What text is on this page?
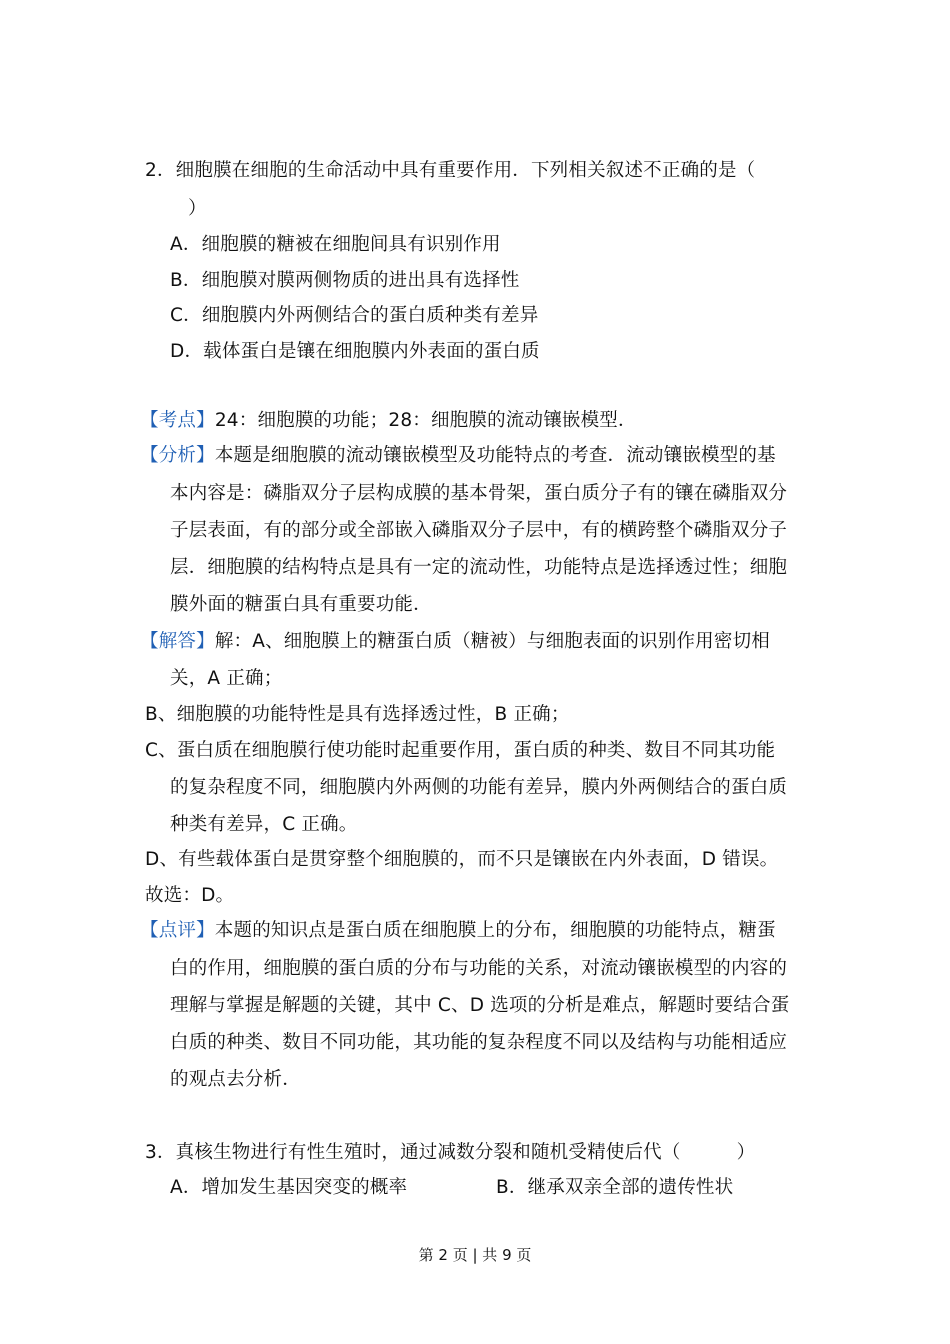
2．细胞膜在细胞的生命活动中具有重要作用．下列相关叙述不正确的是（
）
A．细胞膜的糖被在细胞间具有识别作用
B．细胞膜对膜两侧物质的进出具有选择性
C．细胞膜内外两侧结合的蛋白质种类有差异
D．载体蛋白是镶在细胞膜内外表面的蛋白质
【考点】24：细胞膜的功能；28：细胞膜的流动镶嵌模型．
【分析】本题是细胞膜的流动镶嵌模型及功能特点的考查．流动镶嵌模型的基
本内容是：磷脂双分子层构成膜的基本骨架，蛋白质分子有的镶在磷脂双分
子层表面，有的部分或全部嵌入磷脂双分子层中，有的横跨整个磷脂双分子
层．细胞膜的结构特点是具有一定的流动性，功能特点是选择透过性；细胞
膜外面的糖蛋白具有重要功能．
【解答】解：A、细胞膜上的糖蛋白质（糖被）与细胞表面的识别作用密切相
关，A 正确；
B、细胞膜的功能特性是具有选择透过性，B 正确；
C、蛋白质在细胞膜行使功能时起重要作用，蛋白质的种类、数目不同其功能
的复杂程度不同，细胞膜内外两侧的功能有差异，膜内外两侧结合的蛋白质
种类有差异，C 正确。
D、有些载体蛋白是贯穿整个细胞膜的，而不只是镶嵌在内外表面，D 错误。
故选：D。
【点评】本题的知识点是蛋白质在细胞膜上的分布，细胞膜的功能特点，糖蛋
白的作用，细胞膜的蛋白质的分布与功能的关系，对流动镶嵌模型的内容的
理解与掌握是解题的关键，其中 C、D 选项的分析是难点，解题时要结合蛋
白质的种类、数目不同功能，其功能的复杂程度不同以及结构与功能相适应
的观点去分析．
3．真核生物进行有性生殖时，通过减数分裂和随机受精使后代（　　　）
A．增加发生基因突变的概率	B．继承双亲全部的遗传性状
第 2 页 | 共 9 页
